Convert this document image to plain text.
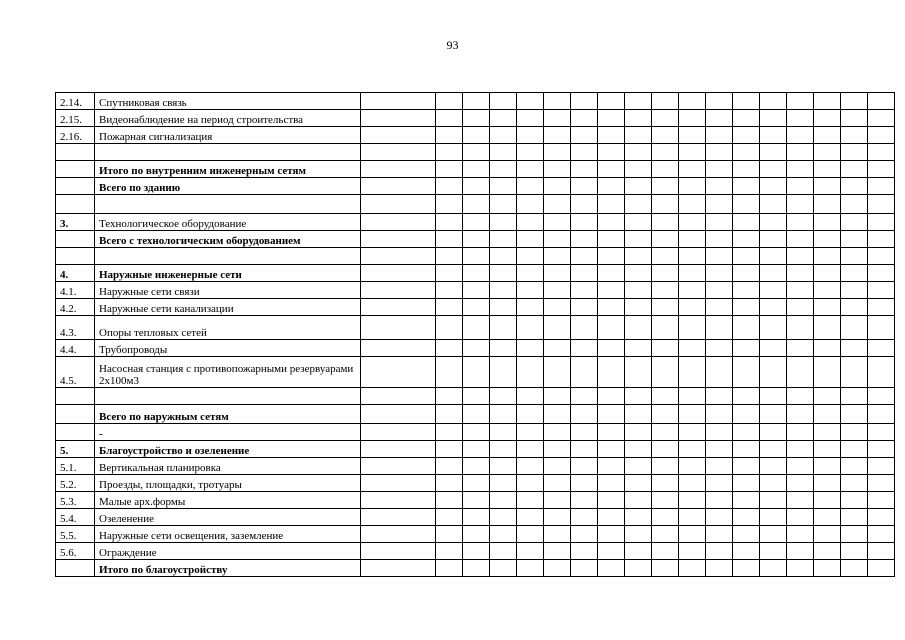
93
2.14.	Спутниковая связь																		
2.15.	Видеонаблюдение на период строительства																		
2.16.	Пожарная сигнализация																		

	Итого по внутренним инженерным сетям																		
	Всего по зданию																		

3.	Технологическое оборудование																		
	Всего с технологическим оборудованием																		

4.	Наружные инженерные сети																		
4.1.	Наружные сети связи																		
4.2.	Наружные сети канализации																		
4.3.	Опоры тепловых сетей																		
4.4.	Трубопроводы																		
4.5.	Насосная станция с противопожарными резервуарами 2х100м3																		

	Всего по наружным сетям																		
	-																		
5.	Благоустройство и озеленение																		
5.1.	Вертикальная планировка																		
5.2.	Проезды, площадки, тротуары																		
5.3.	Малые арх.формы																		
5.4.	Озеленение																		
5.5.	Наружные сети освещения, заземление																		
5.6.	Ограждение																		
	Итого по благоустройству																		
